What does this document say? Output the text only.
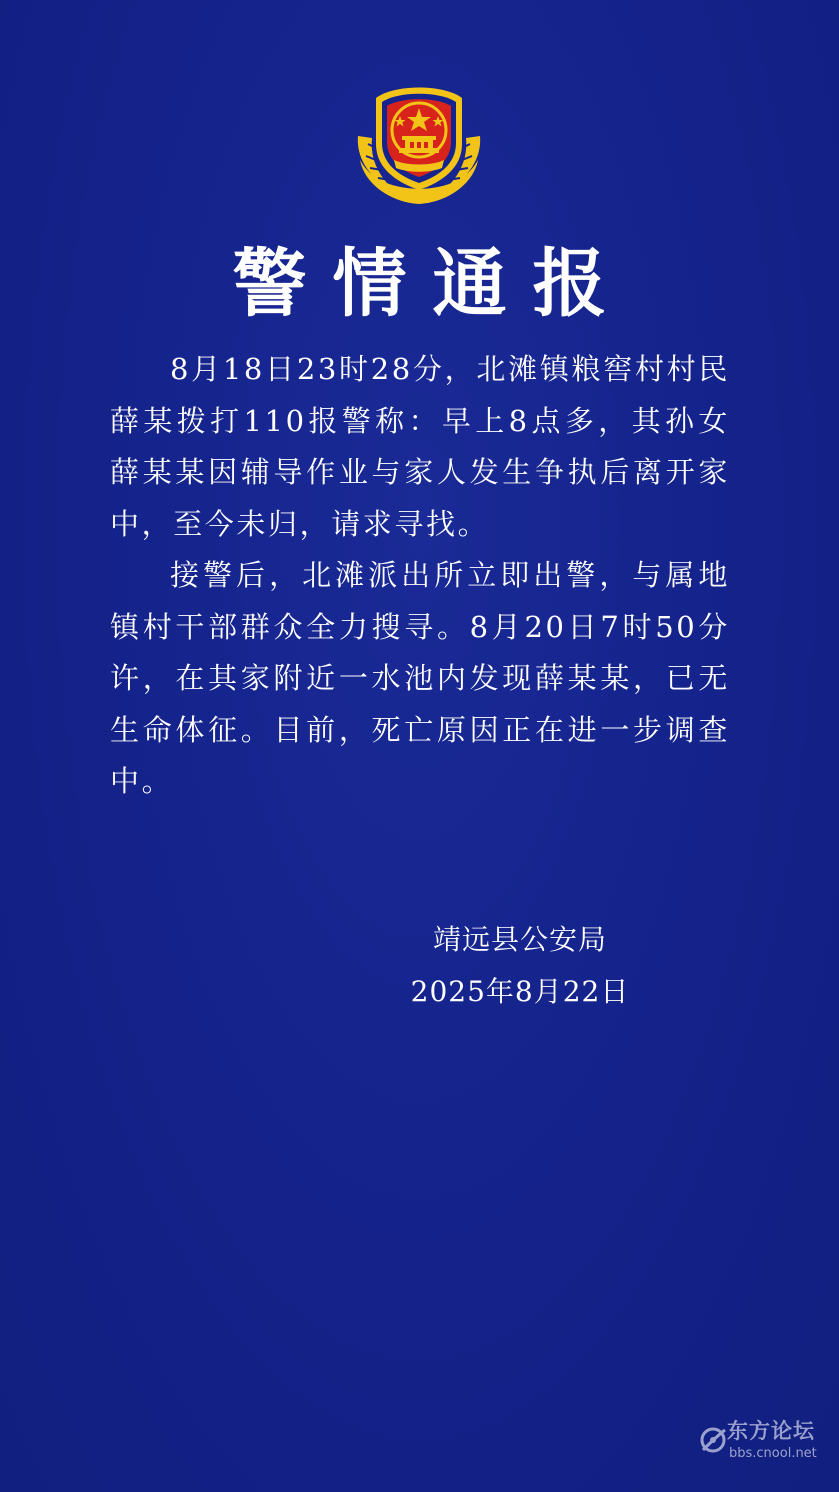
警情通报

8月18日23时28分，北滩镇粮窖村村民薛某拨打110报警称：早上8点多，其孙女薛某某因辅导作业与家人发生争执后离开家中，至今未归，请求寻找。

接警后，北滩派出所立即出警，与属地镇村干部群众全力搜寻。8月20日7时50分许，在其家附近一水池内发现薛某某，已无生命体征。目前，死亡原因正在进一步调查中。

靖远县公安局
2025年8月22日
东方论坛
bbs.cnool.net
